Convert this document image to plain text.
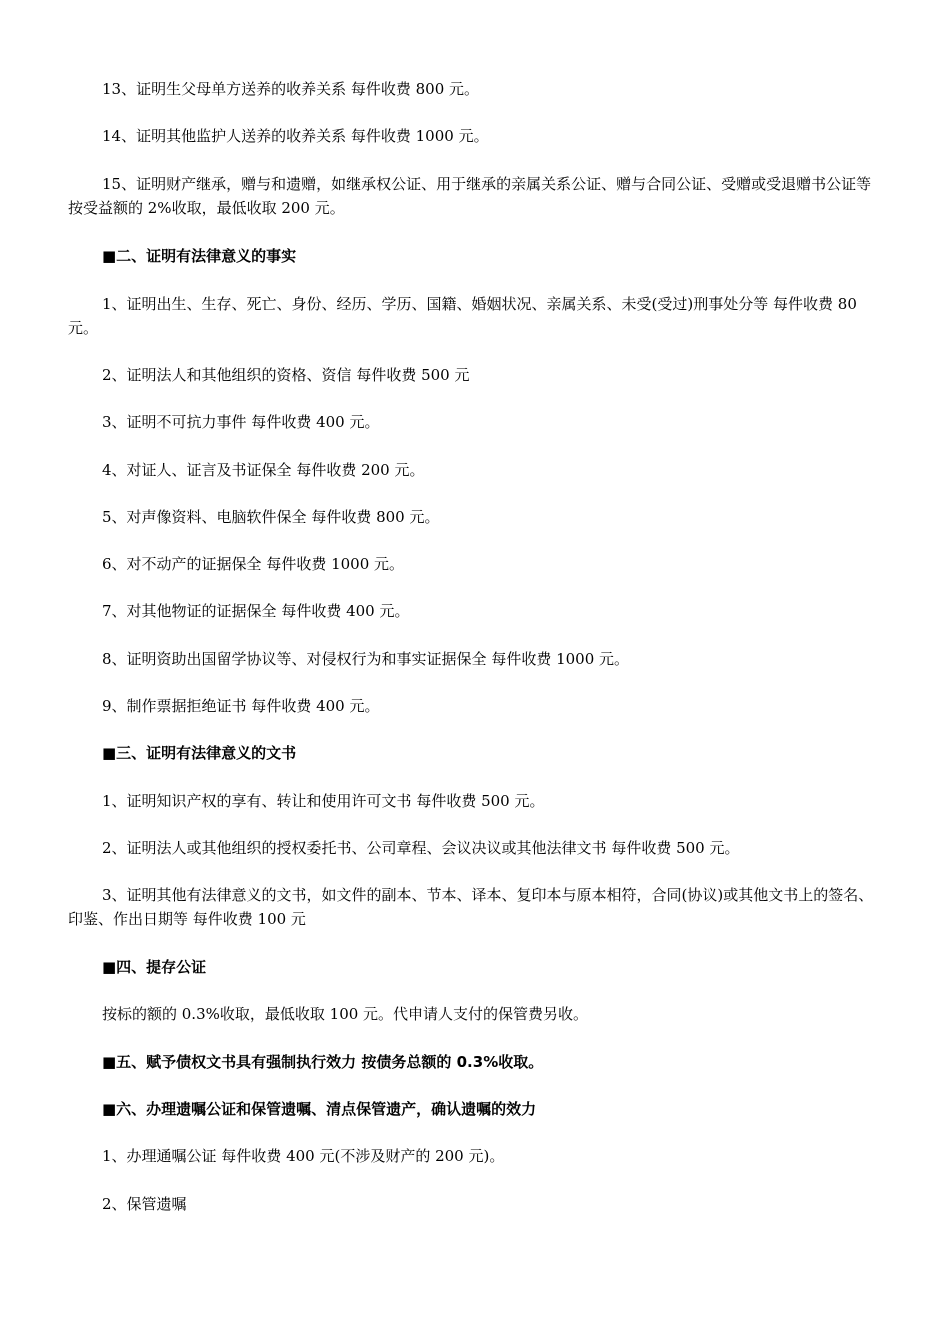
13、证明生父母单方送养的收养关系 每件收费 800 元。

14、证明其他监护人送养的收养关系 每件收费 1000 元。

15、证明财产继承，赠与和遗赠，如继承权公证、用于继承的亲属关系公证、赠与合同公证、受赠或受退赠书公证等 按受益额的 2%收取，最低收取 200 元。

■二、证明有法律意义的事实

1、证明出生、生存、死亡、身份、经历、学历、国籍、婚姻状况、亲属关系、未受(受过)刑事处分等 每件收费 80 元。

2、证明法人和其他组织的资格、资信 每件收费 500 元

3、证明不可抗力事件 每件收费 400 元。

4、对证人、证言及书证保全 每件收费 200 元。

5、对声像资料、电脑软件保全 每件收费 800 元。

6、对不动产的证据保全 每件收费 1000 元。

7、对其他物证的证据保全 每件收费 400 元。

8、证明资助出国留学协议等、对侵权行为和事实证据保全 每件收费 1000 元。

9、制作票据拒绝证书 每件收费 400 元。

■三、证明有法律意义的文书

1、证明知识产权的享有、转让和使用许可文书 每件收费 500 元。

2、证明法人或其他组织的授权委托书、公司章程、会议决议或其他法律文书 每件收费 500 元。

3、证明其他有法律意义的文书，如文件的副本、节本、译本、复印本与原本相符，合同(协议)或其他文书上的签名、印鉴、作出日期等 每件收费 100 元

■四、提存公证

按标的额的 0.3%收取，最低收取 100 元。代申请人支付的保管费另收。

■五、赋予债权文书具有强制执行效力 按债务总额的 0.3%收取。

■六、办理遗嘱公证和保管遗嘱、清点保管遗产，确认遗嘱的效力

1、办理通嘱公证 每件收费 400 元(不涉及财产的 200 元)。

2、保管遗嘱
